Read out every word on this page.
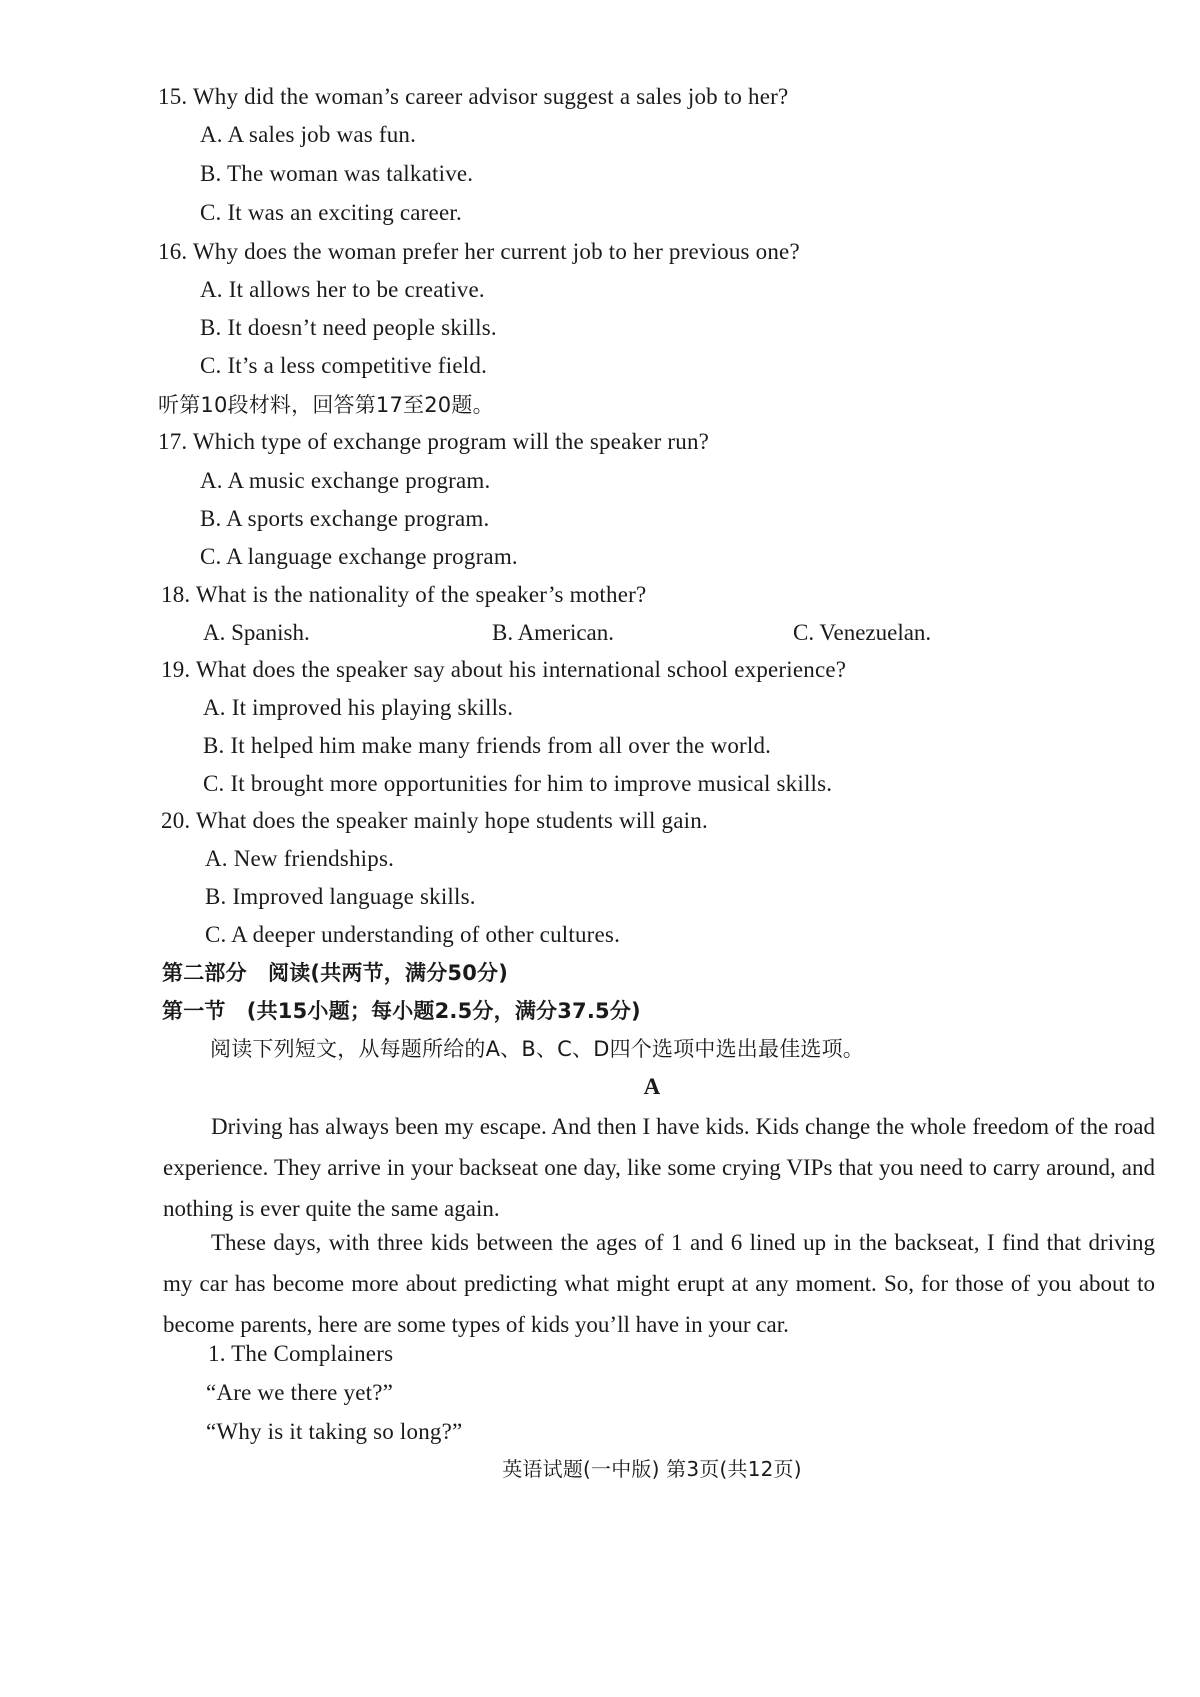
15. Why did the woman’s career advisor suggest a sales job to her?
A. A sales job was fun.
B. The woman was talkative.
C. It was an exciting career.
16. Why does the woman prefer her current job to her previous one?
A. It allows her to be creative.
B. It doesn’t need people skills.
C. It’s a less competitive field.
听第10段材料，回答第17至20题。
17. Which type of exchange program will the speaker run?
A. A music exchange program.
B. A sports exchange program.
C. A language exchange program.
18. What is the nationality of the speaker’s mother?
A. Spanish.	B. American.	C. Venezuelan.
19. What does the speaker say about his international school experience?
A. It improved his playing skills.
B. It helped him make many friends from all over the world.
C. It brought more opportunities for him to improve musical skills.
20. What does the speaker mainly hope students will gain.
A. New friendships.
B. Improved language skills.
C. A deeper understanding of other cultures.
第二部分　阅读(共两节，满分50分)
第一节　(共15小题；每小题2.5分，满分37.5分)
阅读下列短文，从每题所给的A、B、C、D四个选项中选出最佳选项。
A
Driving has always been my escape. And then I have kids. Kids change the whole freedom of the road experience. They arrive in your backseat one day, like some crying VIPs that you need to carry around, and nothing is ever quite the same again.
These days, with three kids between the ages of 1 and 6 lined up in the backseat, I find that driving my car has become more about predicting what might erupt at any moment. So, for those of you about to become parents, here are some types of kids you’ll have in your car.
1. The Complainers
“Are we there yet?”
“Why is it taking so long?”
英语试题(一中版) 第3页(共12页)
